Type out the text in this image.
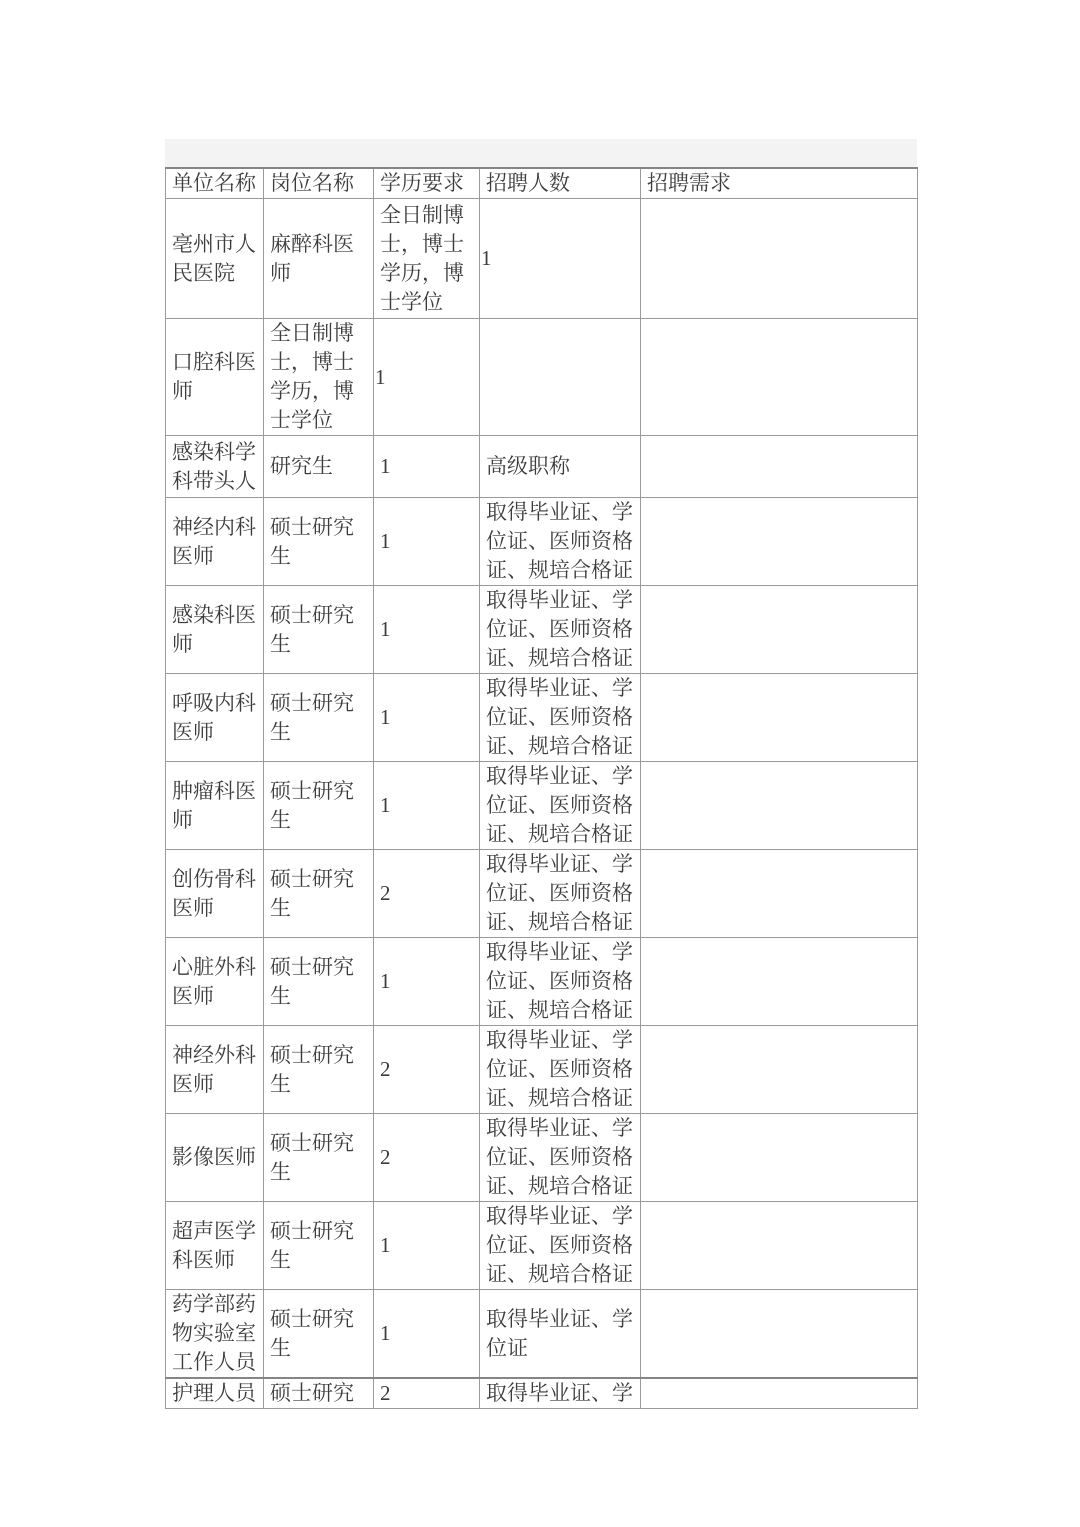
单位名称	岗位名称	学历要求	招聘人数	招聘需求

亳州市人民医院	麻醉科医师	全日制博士，博士学历，博士学位	1	

口腔科医师	全日制博士，博士学历，博士学位	1		

感染科学科带头人	研究生	1	高级职称	

神经内科医师	硕士研究生	1	取得毕业证、学位证、医师资格证、规培合格证	

感染科医师	硕士研究生	1	取得毕业证、学位证、医师资格证、规培合格证	

呼吸内科医师	硕士研究生	1	取得毕业证、学位证、医师资格证、规培合格证	

肿瘤科医师	硕士研究生	1	取得毕业证、学位证、医师资格证、规培合格证	

创伤骨科医师	硕士研究生	2	取得毕业证、学位证、医师资格证、规培合格证	

心脏外科医师	硕士研究生	1	取得毕业证、学位证、医师资格证、规培合格证	

神经外科医师	硕士研究生	2	取得毕业证、学位证、医师资格证、规培合格证	

影像医师	硕士研究生	2	取得毕业证、学位证、医师资格证、规培合格证	

超声医学科医师	硕士研究生	1	取得毕业证、学位证、医师资格证、规培合格证	

药学部药物实验室工作人员	硕士研究生	1	取得毕业证、学位证	

护理人员	硕士研究	2	取得毕业证、学	
